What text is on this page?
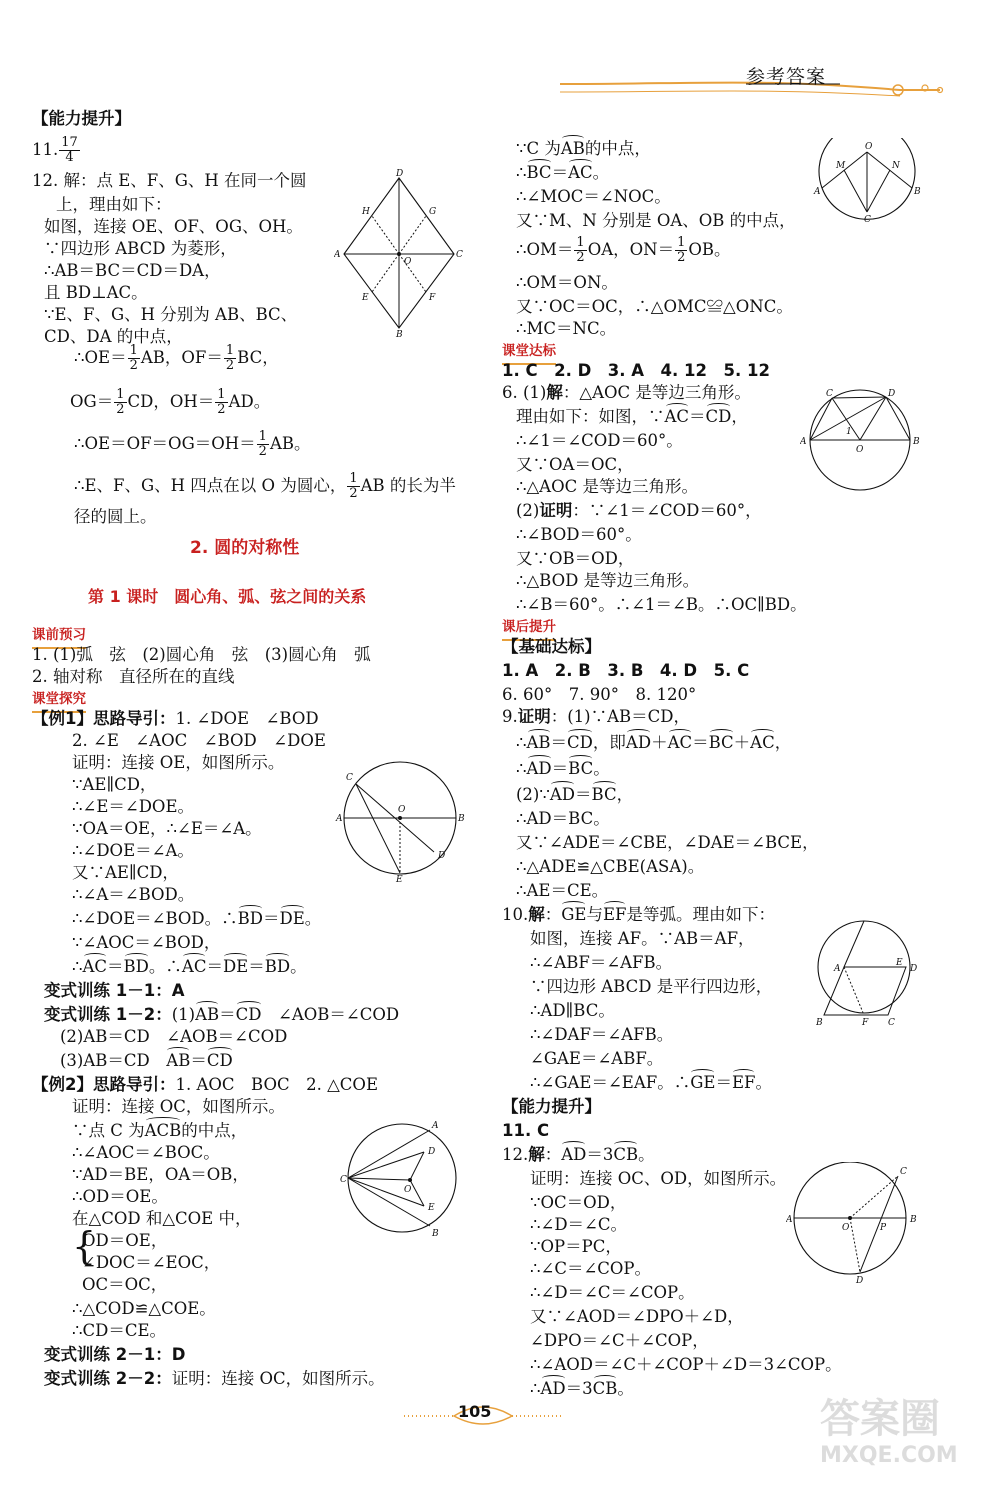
参考答案
【能力提升】
11. $\frac{17}{4}$
12. 解：点 E、F、G、H 在同一个圆
上，理由如下：
如图，连接 OE、OF、OG、OH。
∵四边形 ABCD 为菱形，
∴AB＝BC＝CD＝DA，
且 BD⊥AC。
∵E、F、G、H 分别为 AB、BC、
CD、DA 的中点，
∴OE＝ $\frac{1}{2}$ AB，$OF= \frac{1}{2}$ BC，
$OG= \frac{1}{2}$ CD，$OH= \frac{1}{2}$ AD。
∴OE＝OF＝OG＝OH＝ $\frac{1}{2}$ AB。
∴E、F、G、H 四点在以 O 为圆心， $\frac{1}{2}$ AB 的长为半
径的圆上。
2. 圆的对称性
第 1 课时　圆心角、弧、弦之间的关系
课前预习
1. (1)弧　弦　(2)圆心角　弦　(3)圆心角　弧
2. 轴对称　直径所在的直线
课堂探究
【例1】思路导引：1. ∠DOE　∠BOD
2. ∠E　∠AOC　∠BOD　∠DOE
证明：连接 OE，如图所示。
∵AE∥CD，
∴∠E＝∠DOE。
∵OA＝OE，∴∠E＝∠A。
∴∠DOE＝∠A。
又∵AE∥CD，
∴∠A＝∠BOD。
∴∠DOE＝∠BOD。∴BD＝DE。
∵∠AOC＝∠BOD，
∴AC＝BD。∴AC＝DE＝BD。
变式训练 1－1：A
变式训练 1－2：(1)AB＝CD　 ∠AOB＝∠COD
(2)AB＝CD　∠AOB＝∠COD
(3)AB＝CD　 AB＝CD
【例2】思路导引：1. AOC　BOC　2. △COE
证明：连接 OC，如图所示。
∵点 C 为ACB的中点，
∴∠AOC＝∠BOC。
∵AD＝BE，OA＝OB，
∴OD＝OE。
在△COD 和△COE 中，
OD＝OE，
∠DOC＝∠EOC，
OC＝OC，
{
∴△COD≌△COE。
∴CD＝CE。
变式训练 2－1：D
变式训练 2－2：证明：连接 OC，如图所示。
∵C 为AB的中点，
∴BC＝AC。
∴∠MOC＝∠NOC。
又∵M、N 分别是 OA、OB 的中点，
∴OM＝ $\frac{1}{2}$ OA，$ON= \frac{1}{2}$ OB。
∴OM＝ON。
又∵OC＝OC，∴△OMC≌△ONC。
∴MC＝NC。
课堂达标
1. C　2. D　3. A　4. 12　5. 12
6. (1)解：△AOC 是等边三角形。
理由如下：如图，∵AC＝CD，
∴∠1＝∠COD＝60°。
又∵OA＝OC，
∴△AOC 是等边三角形。
(2)证明：∵∠1＝∠COD＝60°，
∴∠BOD＝60°。
又∵OB＝OD，
∴△BOD 是等边三角形。
∴∠B＝60°。∴∠1＝∠B。∴OC∥BD。
课后提升
【基础达标】
1. A　2. B　3. B　4. D　5. C
6. 60°　7. 90°　8. 120°
9.证明：(1)∵AB＝CD，
∴AB＝CD，即AD＋AC＝BC＋AC，
∴AD＝BC。
(2)∵AD＝BC，
∴AD＝BC。
又∵∠ADE＝∠CBE，∠DAE＝∠BCE，
∴△ADE≌△CBE(ASA)。
∴AE＝CE。
10.解：GE与EF是等弧。理由如下：
如图，连接 AF。∵AB＝AF，
∴∠ABF＝∠AFB。
∵四边形 ABCD 是平行四边形，
∴AD∥BC。
∴∠DAF＝∠AFB。
∠GAE＝∠ABF。
∴∠GAE＝∠EAF。∴GE＝EF。
【能力提升】
11. C
12.解：AD＝3CB。
证明：连接 OC、OD，如图所示。
∵OC＝OD，
∴∠D＝∠C。
∵OP＝PC，
∴∠C＝∠COP。
∴∠D＝∠C＝∠COP。
又∵∠AOD＝∠DPO＋∠D，
∠DPO＝∠C＋∠COP，
∴∠AOD＝∠C＋∠COP＋∠D＝3∠COP。
∴AD＝3CB。
D
B
A	C
H	G
E	F
O
C
A	B
D
E
O
A
D
C
O
E
B
O
M	N
A	B
C
C	D
A	B
O
1
A
B	C
D
E
F
C
A	B
O	P
D
105	答案圈
MXQE.COM
